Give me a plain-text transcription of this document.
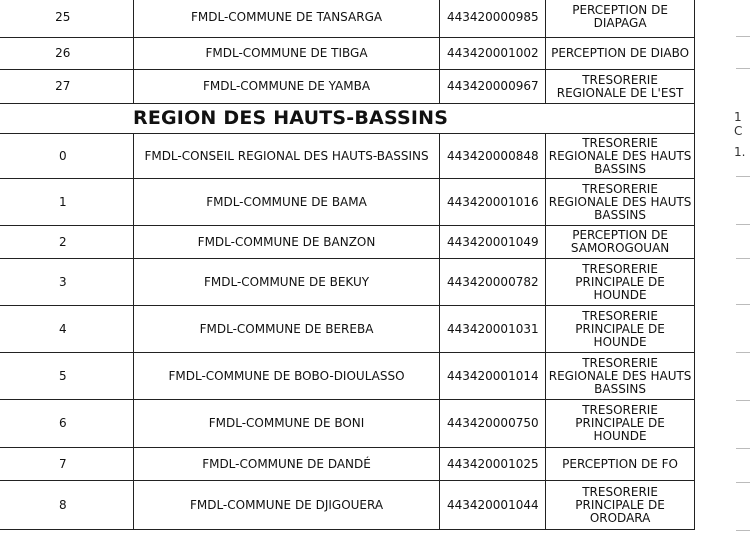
25	FMDL-COMMUNE DE TANSARGA	443420000985	PERCEPTION DE DIAPAGA
26	FMDL-COMMUNE DE TIBGA	443420001002	PERCEPTION DE DIABO
27	FMDL-COMMUNE DE YAMBA	443420000967	TRESORERIE REGIONALE DE L'EST
REGION DES HAUTS-BASSINS			
0	FMDL-CONSEIL REGIONAL DES HAUTS-BASSINS	443420000848	TRESORERIE REGIONALE DES HAUTS BASSINS
1	FMDL-COMMUNE DE BAMA	443420001016	TRESORERIE REGIONALE DES HAUTS BASSINS
2	FMDL-COMMUNE DE BANZON	443420001049	PERCEPTION DE SAMOROGOUAN
3	FMDL-COMMUNE DE BEKUY	443420000782	TRESORERIE PRINCIPALE DE HOUNDE
4	FMDL-COMMUNE DE BEREBA	443420001031	TRESORERIE PRINCIPALE DE HOUNDE
5	FMDL-COMMUNE DE BOBO-DIOULASSO	443420001014	TRESORERIE REGIONALE DES HAUTS BASSINS
6	FMDL-COMMUNE DE BONI	443420000750	TRESORERIE PRINCIPALE DE HOUNDE
7	FMDL-COMMUNE DE DANDÉ	443420001025	PERCEPTION DE FO
8	FMDL-COMMUNE DE DJIGOUERA	443420001044	TRESORERIE PRINCIPALE DE ORODARA
1 C
1.
